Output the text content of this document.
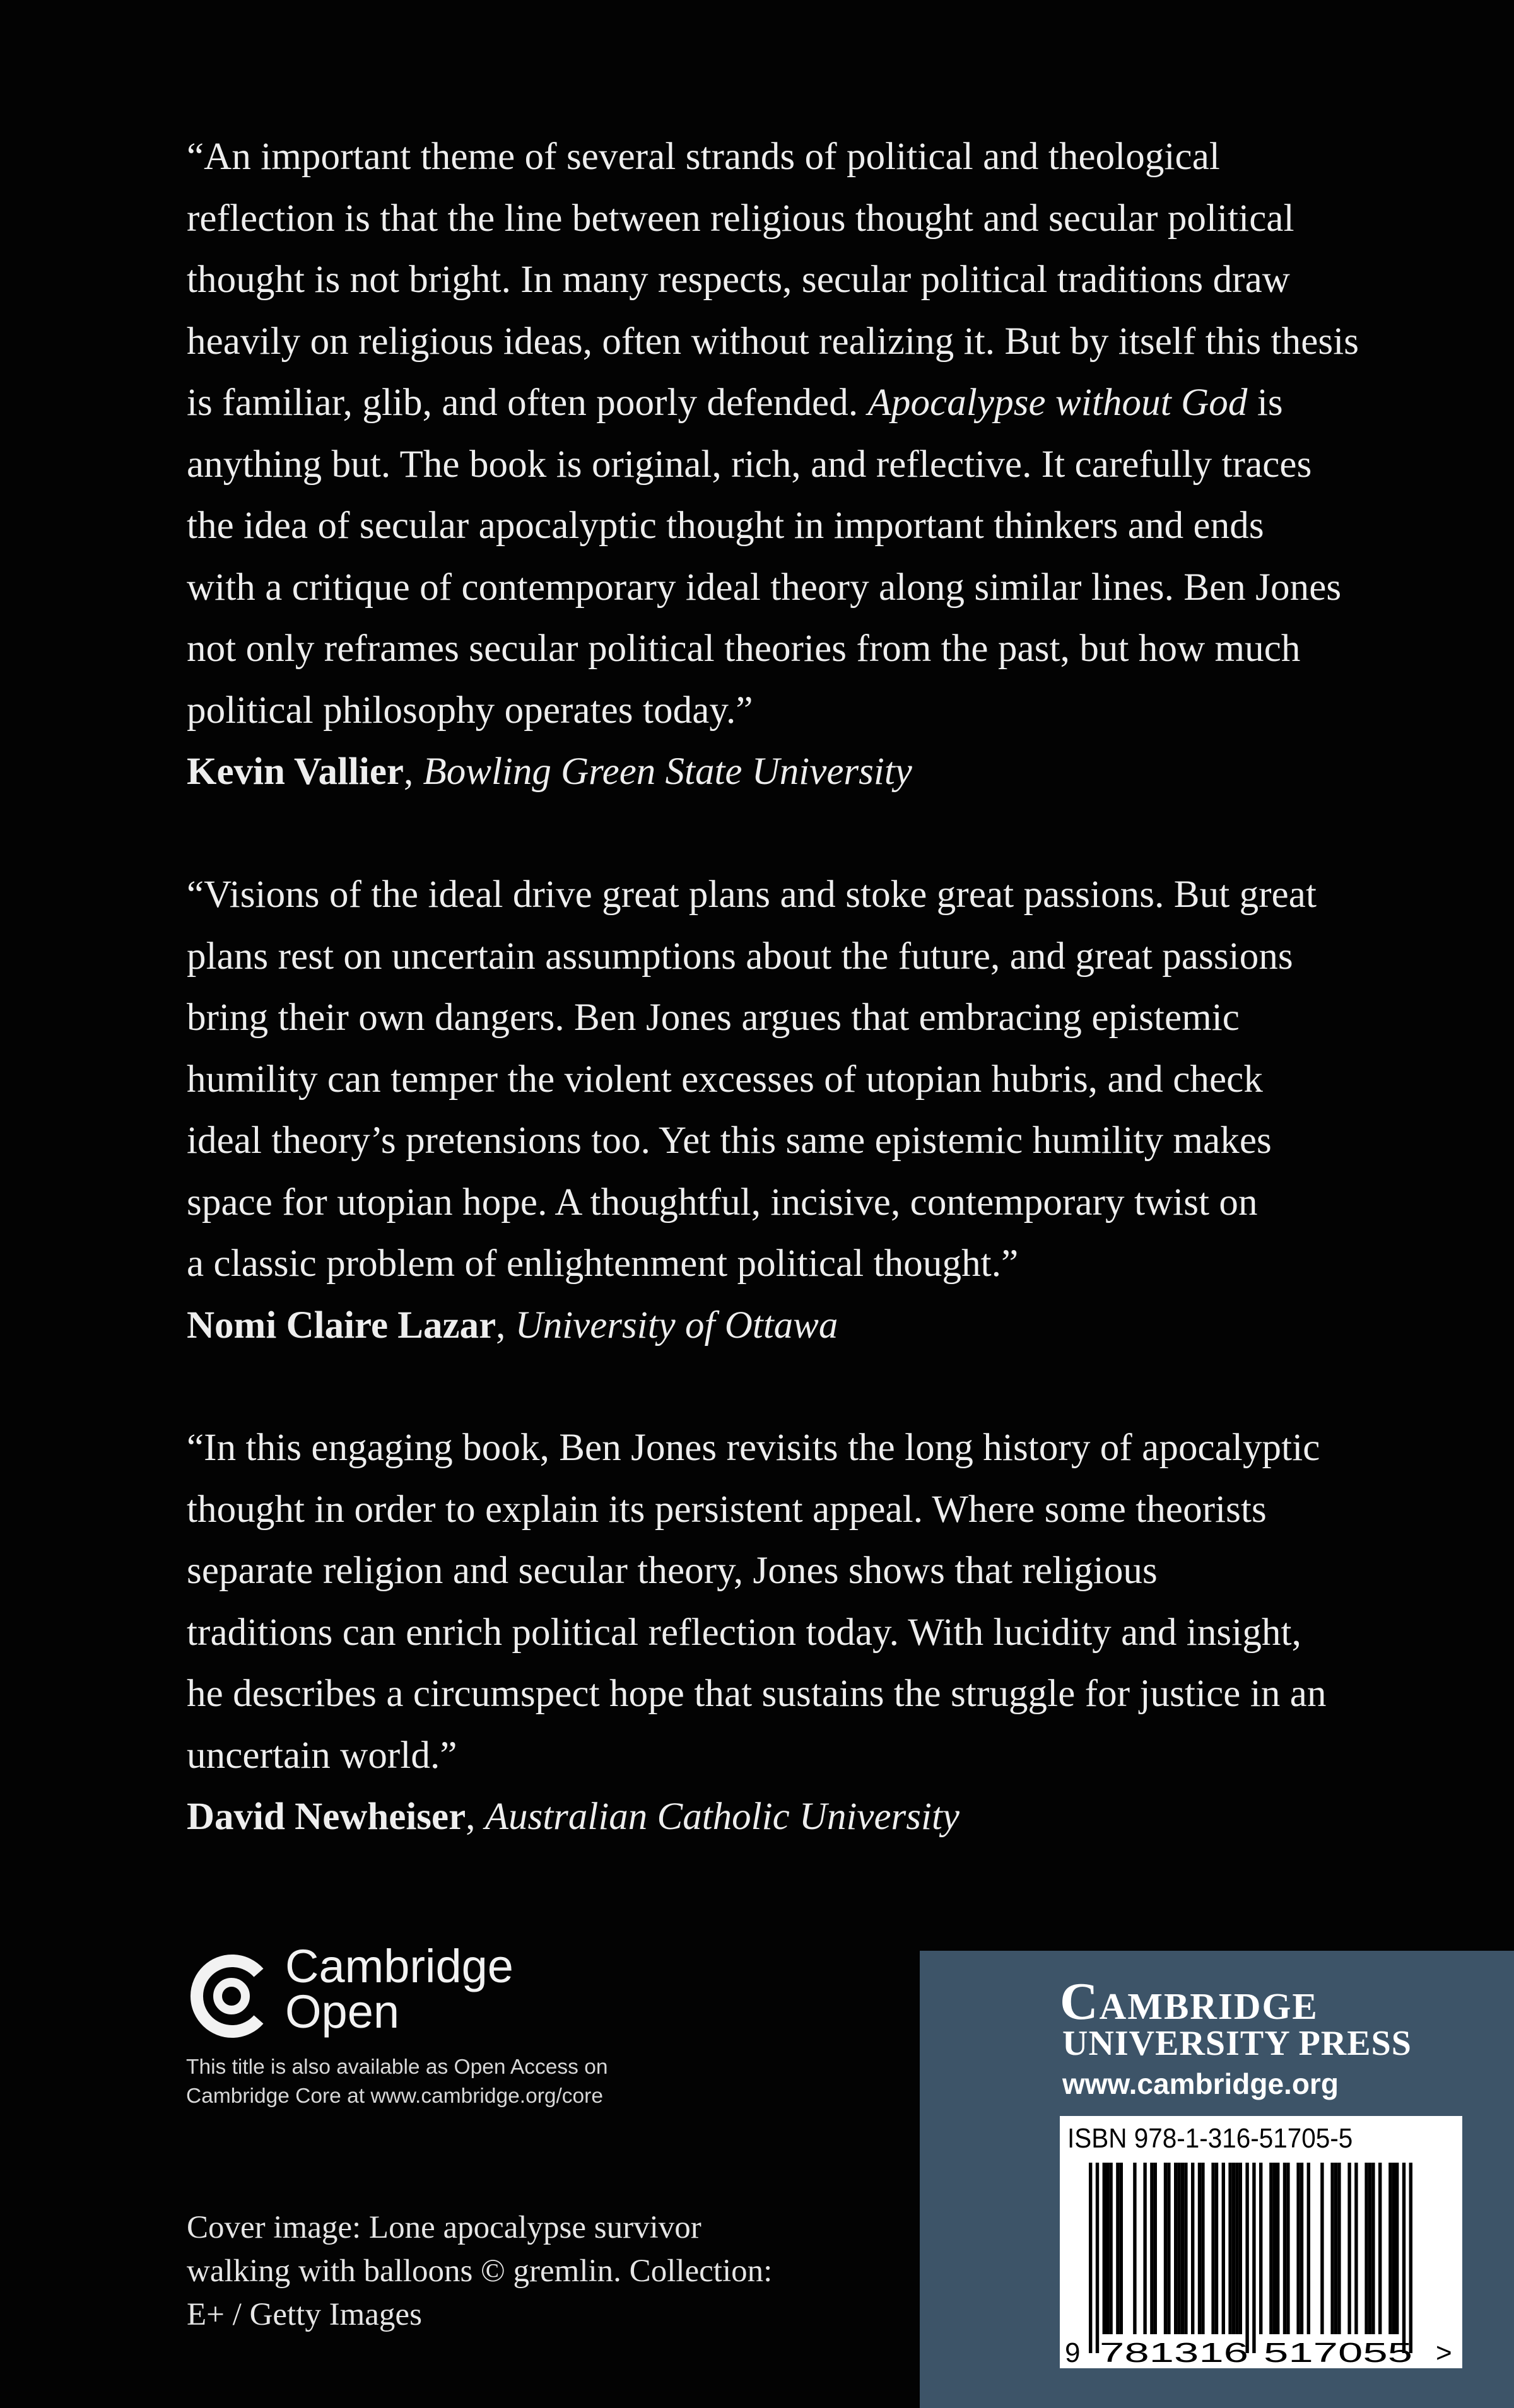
“An important theme of several strands of political and theological
reflection is that the line between religious thought and secular political
thought is not bright. In many respects, secular political traditions draw
heavily on religious ideas, often without realizing it. But by itself this thesis
is familiar, glib, and often poorly defended. Apocalypse without God is
anything but. The book is original, rich, and reflective. It carefully traces
the idea of secular apocalyptic thought in important thinkers and ends
with a critique of contemporary ideal theory along similar lines. Ben Jones
not only reframes secular political theories from the past, but how much
political philosophy operates today.”
Kevin Vallier, Bowling Green State University
“Visions of the ideal drive great plans and stoke great passions. But great
plans rest on uncertain assumptions about the future, and great passions
bring their own dangers. Ben Jones argues that embracing epistemic
humility can temper the violent excesses of utopian hubris, and check
ideal theory’s pretensions too. Yet this same epistemic humility makes
space for utopian hope. A thoughtful, incisive, contemporary twist on
a classic problem of enlightenment political thought.”
Nomi Claire Lazar, University of Ottawa
“In this engaging book, Ben Jones revisits the long history of apocalyptic
thought in order to explain its persistent appeal. Where some theorists
separate religion and secular theory, Jones shows that religious
traditions can enrich political reflection today. With lucidity and insight,
he describes a circumspect hope that sustains the struggle for justice in an
uncertain world.”
David Newheiser, Australian Catholic University
Cambridge
Open
This title is also available as Open Access on
Cambridge Core at www.cambridge.org/core
Cover image: Lone apocalypse survivor
walking with balloons © gremlin. Collection:
E+ / Getty Images
Cambridge
UNIVERSITY PRESS
www.cambridge.org
ISBN 978-1-316-51705-5
9 781316 517055 >
